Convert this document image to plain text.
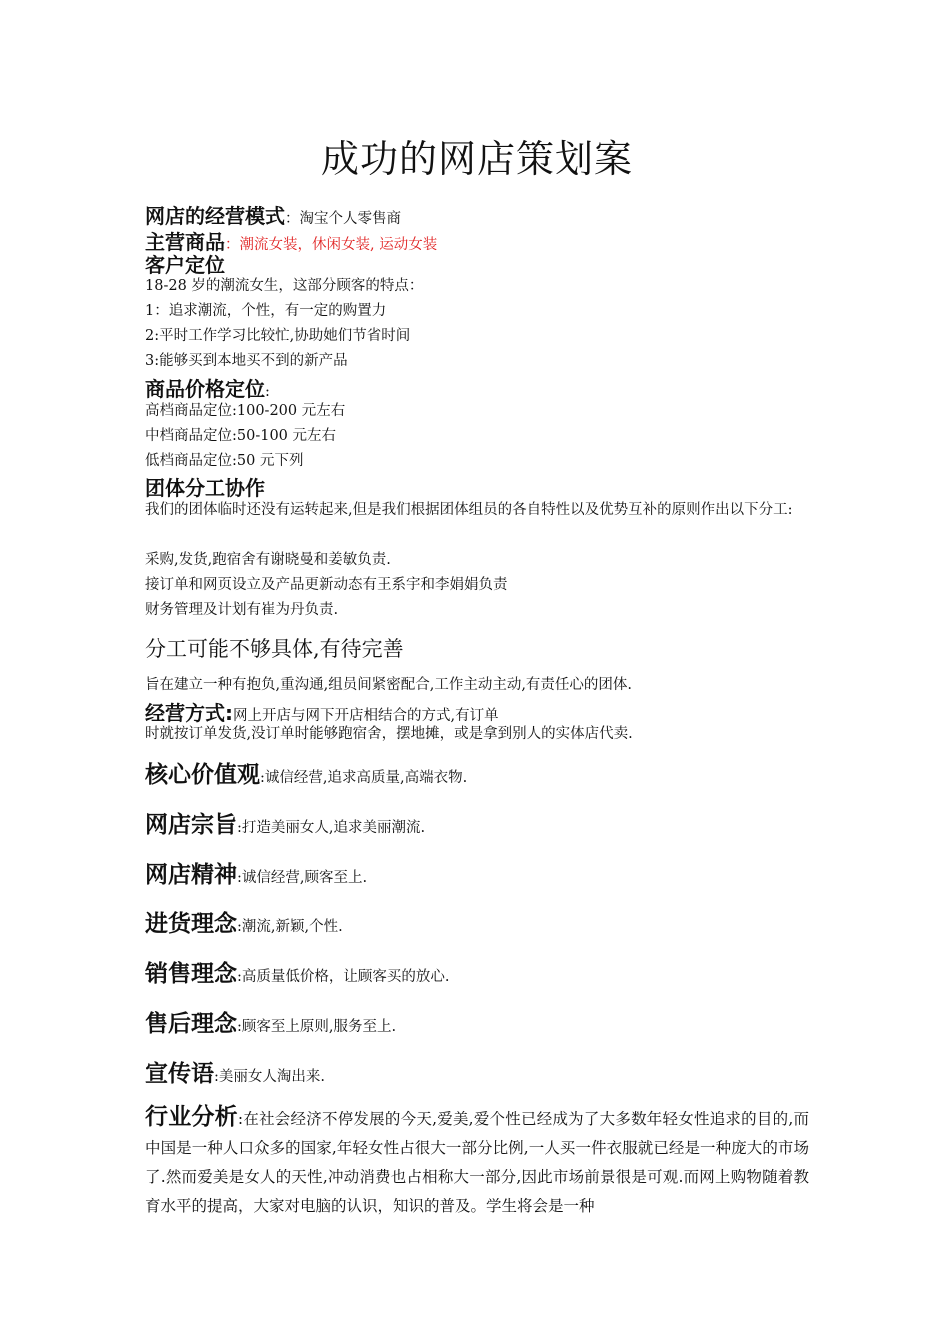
成功的网店策划案
网店的经营模式：淘宝个人零售商
主营商品：潮流女装，休闲女装, 运动女装
客户定位
18-28 岁的潮流女生，这部分顾客的特点：
1：追求潮流，个性，有一定的购置力
2:平时工作学习比较忙,协助她们节省时间
3:能够买到本地买不到的新产品
商品价格定位:
高档商品定位:100-200 元左右
中档商品定位:50-100 元左右
低档商品定位:50 元下列
团体分工协作
我们的团体临时还没有运转起来,但是我们根据团体组员的各自特性以及优势互补的原则作出以下分工:
采购,发货,跑宿舍有谢晓曼和姜敏负责.
接订单和网页设立及产品更新动态有王系宇和李娟娟负责
财务管理及计划有崔为丹负责.
分工可能不够具体,有待完善
旨在建立一种有抱负,重沟通,组员间紧密配合,工作主动主动,有责任心的团体.
经营方式:网上开店与网下开店相结合的方式,有订单
时就按订单发货,没订单时能够跑宿舍，摆地摊，或是拿到别人的实体店代卖.
核心价值观:诚信经营,追求高质量,高端衣物.
网店宗旨:打造美丽女人,追求美丽潮流.
网店精神:诚信经营,顾客至上.
进货理念:潮流,新颖,个性.
销售理念:高质量低价格，让顾客买的放心.
售后理念:顾客至上原则,服务至上.
宣传语:美丽女人淘出来.
行业分析:在社会经济不停发展的今天,爱美,爱个性已经成为了大多数年轻女性追求的目的,而中国是一种人口众多的国家,年轻女性占很大一部分比例,一人买一件衣服就已经是一种庞大的市场了.然而爱美是女人的天性,冲动消费也占相称大一部分,因此市场前景很是可观.而网上购物随着教育水平的提高，大家对电脑的认识，知识的普及。学生将会是一种
